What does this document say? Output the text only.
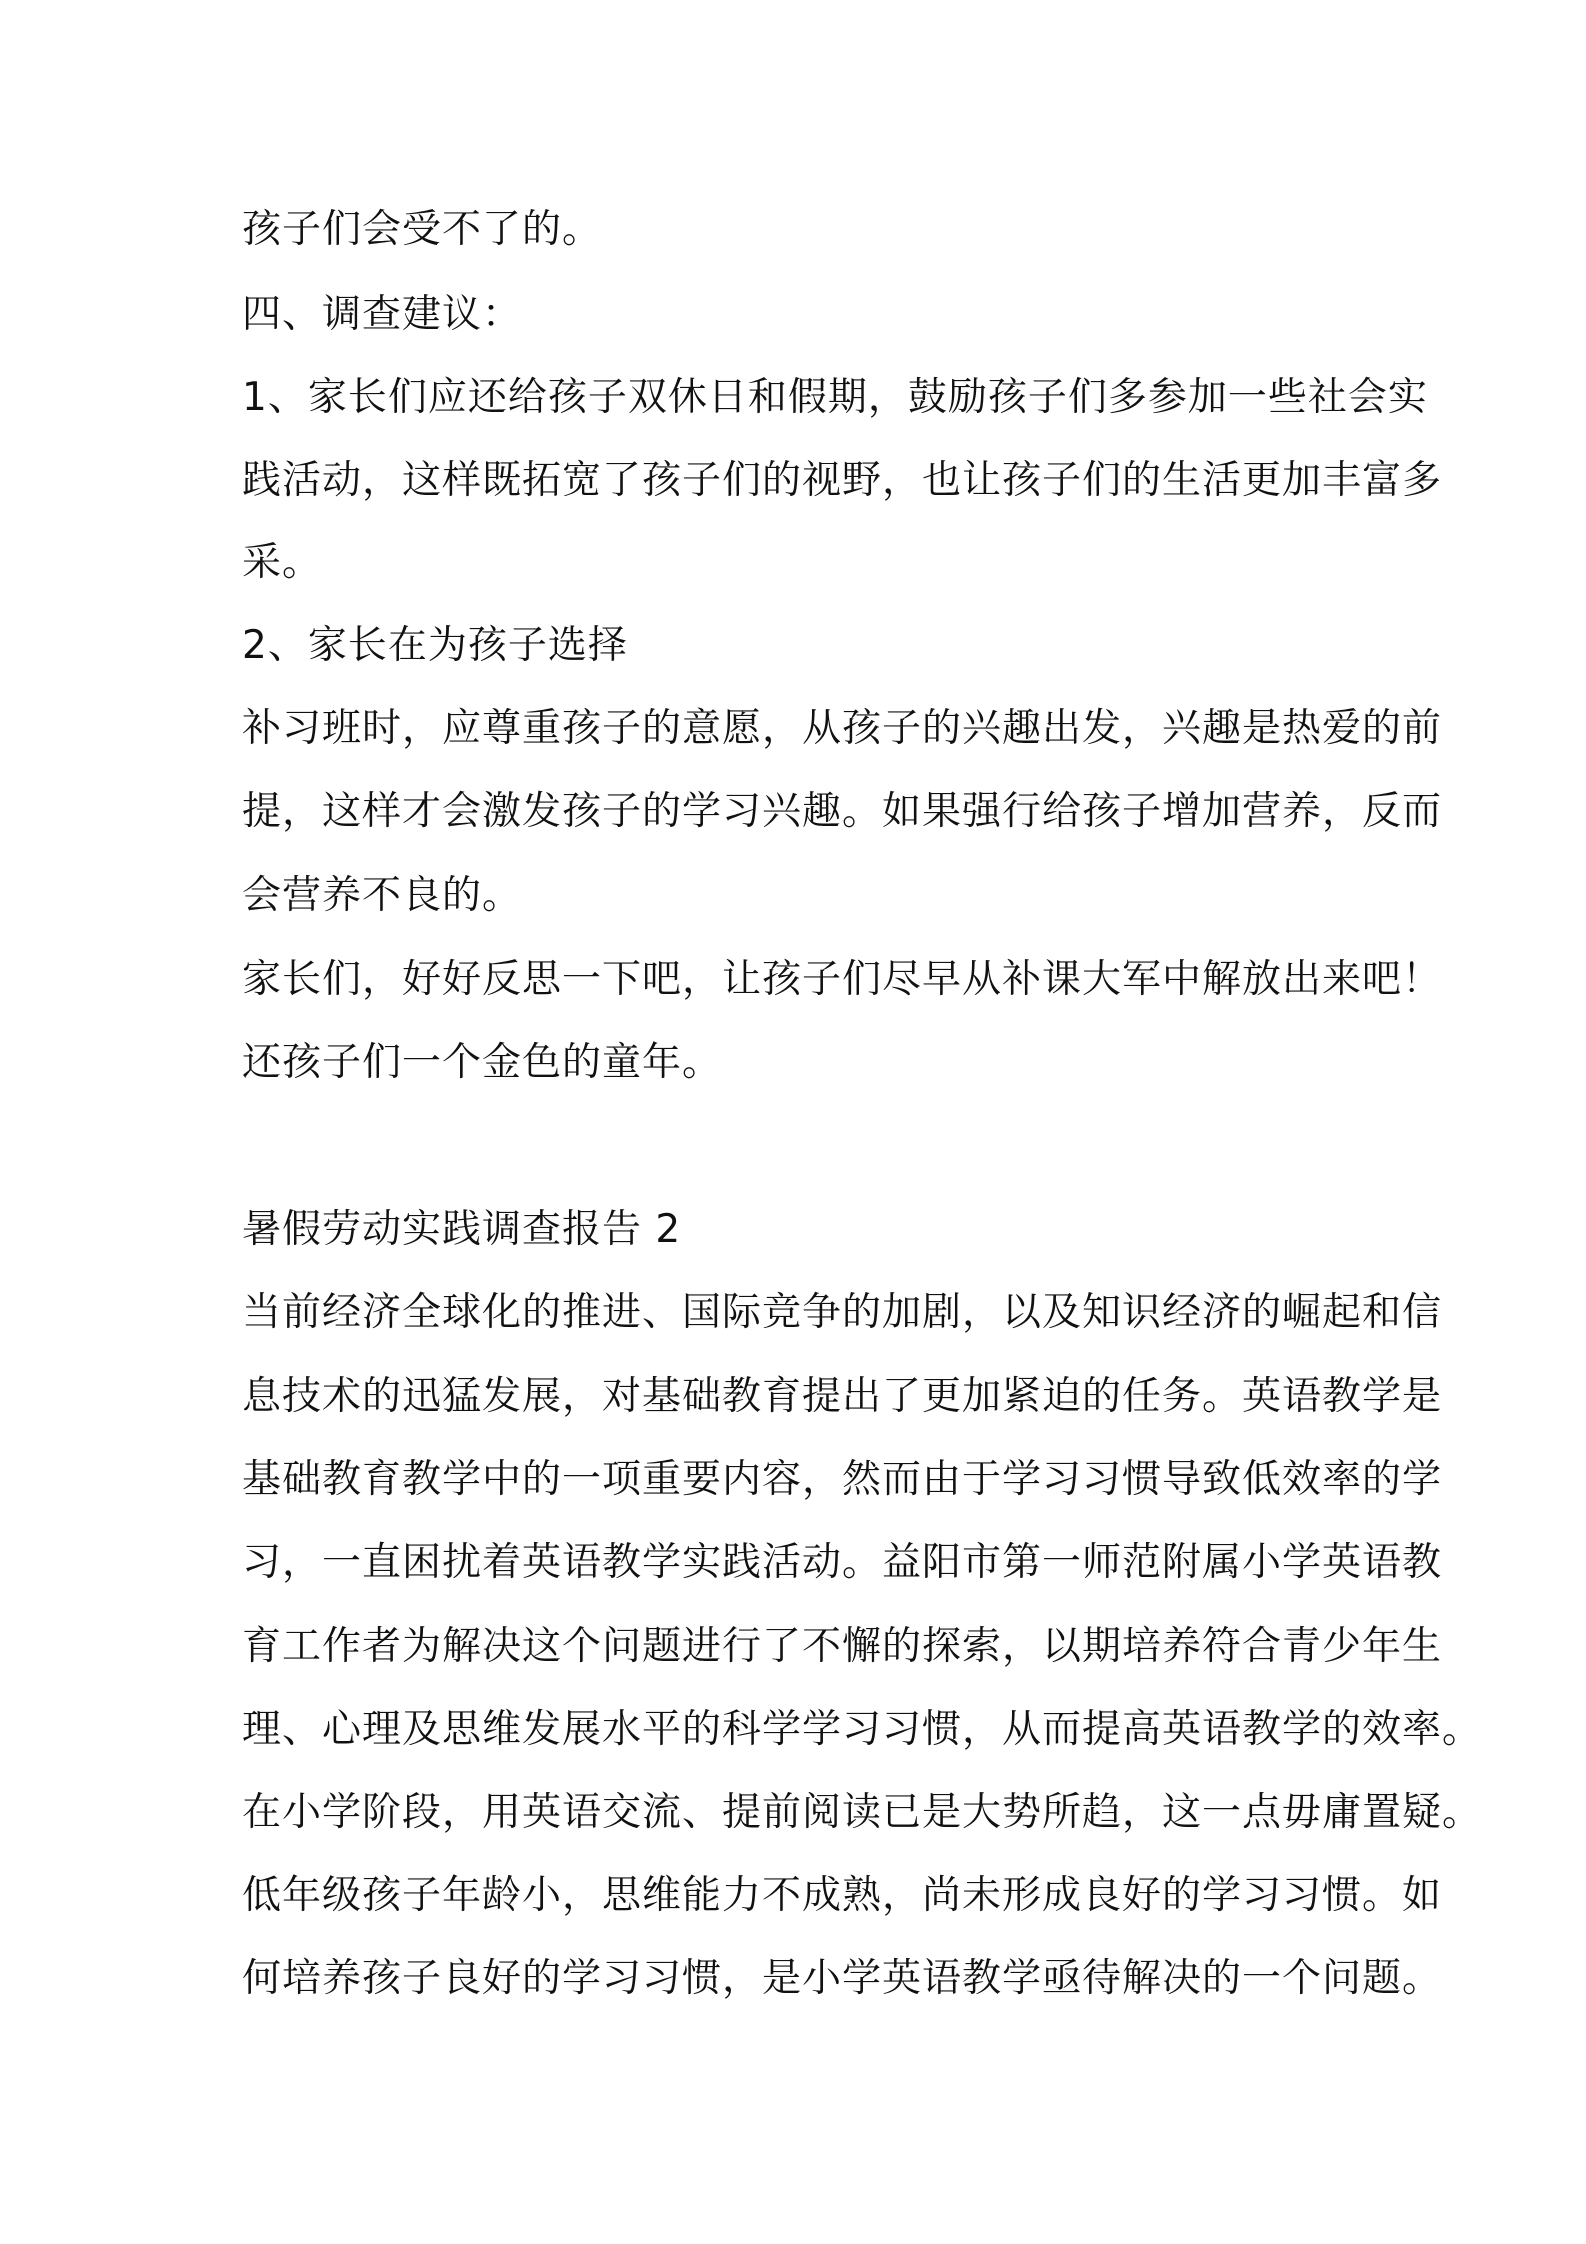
孩子们会受不了的。
四、调查建议：
1、家长们应还给孩子双休日和假期，鼓励孩子们多参加一些社会实
践活动，这样既拓宽了孩子们的视野，也让孩子们的生活更加丰富多
采。
2、家长在为孩子选择
补习班时，应尊重孩子的意愿，从孩子的兴趣出发，兴趣是热爱的前
提，这样才会激发孩子的学习兴趣。如果强行给孩子增加营养，反而
会营养不良的。
家长们，好好反思一下吧，让孩子们尽早从补课大军中解放出来吧！
还孩子们一个金色的童年。
暑假劳动实践调查报告 2
当前经济全球化的推进、国际竞争的加剧，以及知识经济的崛起和信
息技术的迅猛发展，对基础教育提出了更加紧迫的任务。英语教学是
基础教育教学中的一项重要内容，然而由于学习习惯导致低效率的学
习，一直困扰着英语教学实践活动。益阳市第一师范附属小学英语教
育工作者为解决这个问题进行了不懈的探索，以期培养符合青少年生
理、心理及思维发展水平的科学学习习惯，从而提高英语教学的效率。
在小学阶段，用英语交流、提前阅读已是大势所趋，这一点毋庸置疑。
低年级孩子年龄小，思维能力不成熟，尚未形成良好的学习习惯。如
何培养孩子良好的学习习惯，是小学英语教学亟待解决的一个问题。
